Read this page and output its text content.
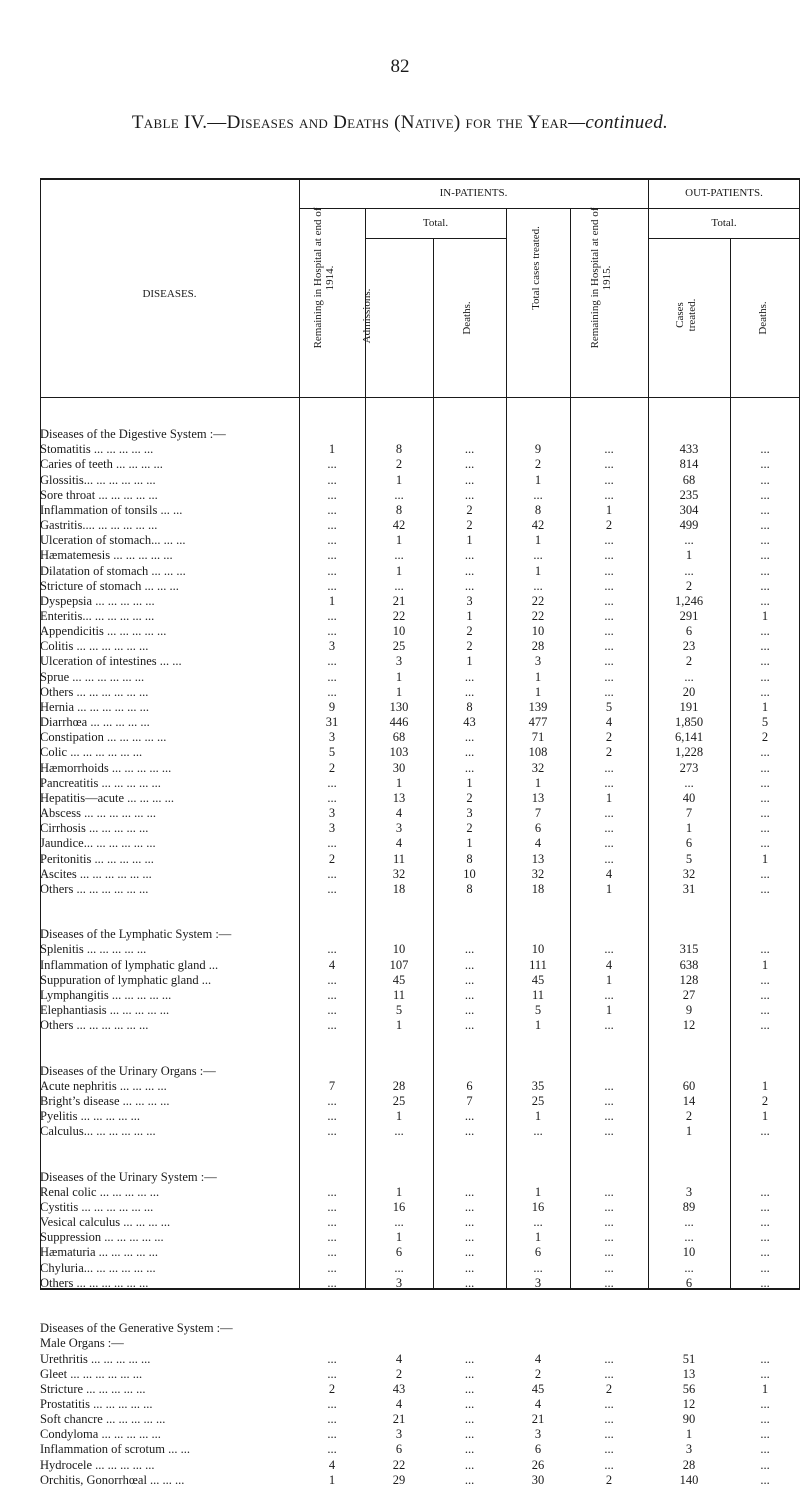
82
Table IV.—Diseases and Deaths (Native) for the Year—continued.
IN-PATIENTS.	OUT-PATIENTS.
DISEASES.
Total.	Total.
Remaining in Hospital at end of 1914.
Admissions.	Deaths.
Total cases treated.	Remaining in Hospital at end of 1915.
Cases treated.	Deaths.

Diseases of the Digestive System :—							
Stomatitis ... ... ... ... ...	1	8	...	9	...	433	...
Caries of teeth ... ... ... ...	...	2	...	2	...	814	...
Glossitis... ... ... ... ... ...	...	1	...	1	...	68	...
Sore throat ... ... ... ... ...	...	...	...	...	...	235	...
Inflammation of tonsils ... ...	...	8	2	8	1	304	...
Gastritis.... ... ... ... ... ...	...	42	2	42	2	499	...
Ulceration of stomach... ... ...	...	1	1	1	...	...	...
Hæmatemesis ... ... ... ... ...	...	...	...	...	...	1	...
Dilatation of stomach ... ... ...	...	1	...	1	...	...	...
Stricture of stomach ... ... ...	...	...	...	...	...	2	...
Dyspepsia ... ... ... ... ...	1	21	3	22	...	1,246	...
Enteritis... ... ... ... ... ...	...	22	1	22	...	291	1
Appendicitis ... ... ... ... ...	...	10	2	10	...	6	...
Colitis ... ... ... ... ... ...	3	25	2	28	...	23	...
Ulceration of intestines ... ...	...	3	1	3	...	2	...
Sprue ... ... ... ... ... ...	...	1	...	1	...	...	...
Others ... ... ... ... ... ...	...	1	...	1	...	20	...
Hernia ... ... ... ... ... ...	9	130	8	139	5	191	1
Diarrhœa ... ... ... ... ...	31	446	43	477	4	1,850	5
Constipation ... ... ... ... ...	3	68	...	71	2	6,141	2
Colic ... ... ... ... ... ...	5	103	...	108	2	1,228	...
Hæmorrhoids ... ... ... ... ...	2	30	...	32	...	273	...
Pancreatitis ... ... ... ... ...	...	1	1	1	...	...	...
Hepatitis—acute ... ... ... ...	...	13	2	13	1	40	...
Abscess ... ... ... ... ... ...	3	4	3	7	...	7	...
Cirrhosis ... ... ... ... ...	3	3	2	6	...	1	...
Jaundice... ... ... ... ... ...	...	4	1	4	...	6	...
Peritonitis ... ... ... ... ...	2	11	8	13	...	5	1
Ascites ... ... ... ... ... ...	...	32	10	32	4	32	...
Others ... ... ... ... ... ...	...	18	8	18	1	31	...

Diseases of the Lymphatic System :—							
Splenitis ... ... ... ... ...	...	10	...	10	...	315	...
Inflammation of lymphatic gland ...	4	107	...	111	4	638	1
Suppuration of lymphatic gland ...	...	45	...	45	1	128	...
Lymphangitis ... ... ... ... ...	...	11	...	11	...	27	...
Elephantiasis ... ... ... ... ...	...	5	...	5	1	9	...
Others ... ... ... ... ... ...	...	1	...	1	...	12	...

Diseases of the Urinary Organs :—							
Acute nephritis ... ... ... ...	7	28	6	35	...	60	1
Bright’s disease ... ... ... ...	...	25	7	25	...	14	2
Pyelitis ... ... ... ... ...	...	1	...	1	...	2	1
Calculus... ... ... ... ... ...	...	...	...	...	...	1	...

Diseases of the Urinary System :—							
Renal colic ... ... ... ... ...	...	1	...	1	...	3	...
Cystitis ... ... ... ... ... ...	...	16	...	16	...	89	...
Vesical calculus ... ... ... ...	...	...	...	...	...	...	...
Suppression ... ... ... ... ...	...	1	...	1	...	...	...
Hæmaturia ... ... ... ... ...	...	6	...	6	...	10	...
Chyluria... ... ... ... ... ...	...	...	...	...	...	...	...
Others ... ... ... ... ... ...	...	3	...	3	...	6	...

Diseases of the Generative System :—							
Male Organs :—							
Urethritis ... ... ... ... ...	...	4	...	4	...	51	...
Gleet ... ... ... ... ... ...	...	2	...	2	...	13	...
Stricture ... ... ... ... ...	2	43	...	45	2	56	1
Prostatitis ... ... ... ... ...	...	4	...	4	...	12	...
Soft chancre ... ... ... ... ...	...	21	...	21	...	90	...
Condyloma ... ... ... ... ...	...	3	...	3	...	1	...
Inflammation of scrotum ... ...	...	6	...	6	...	3	...
Hydrocele ... ... ... ... ...	4	22	...	26	...	28	...
Orchitis, Gonorrhœal ... ... ...	1	29	...	30	2	140	...
